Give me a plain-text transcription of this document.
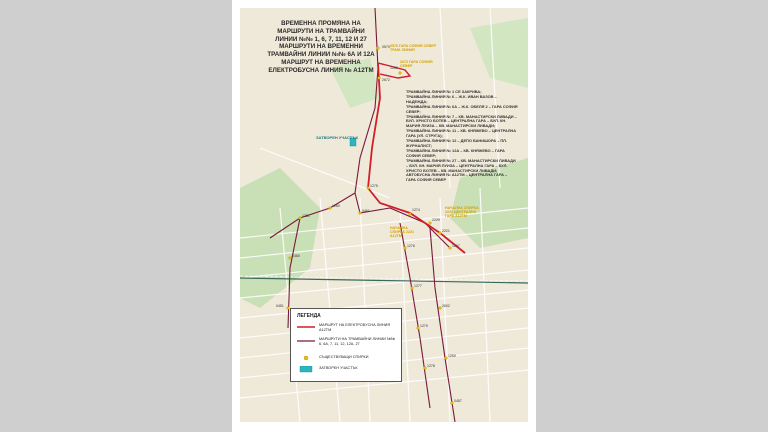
ВРЕМЕННА ПРОМЯНА НА
МАРШРУТИ НА ТРАМВАЙНИ
ЛИНИИ №№ 1, 6, 7, 11, 12 И 27
МАРШРУТИ НА ВРЕМЕННИ
ТРАМВАЙНИ ЛИНИИ №№ 6А И 12А
МАРШРУТ НА ВРЕМЕННА
ЕЛЕКТРОБУСНА ЛИНИЯ № А12ТМ
ТРАМВАЙНА ЛИНИЯ № 1 СЕ ЗАКРИВА;
ТРАМВАЙНА ЛИНИЯ № 6 – Ж.К. ИВАН ВАЗОВ – НАДЕЖДА;
ТРАМВАЙНА ЛИНИЯ № 6А – Ж.К. ОБЕЛЯ 2 – ГАРА СОФИЯ СЕВЕР;
ТРАМВАЙНА ЛИНИЯ № 7 – КВ. МАНАСТИРСКИ ЛИВАДИ – БУЛ. ХРИСТО БОТЕВ – ЦЕНТРАЛНА ГАРА – БУЛ. КН. МАРИЯ ЛУИЗА – КВ. МАНАСТИРСКИ ЛИВАДИ;
ТРАМВАЙНА ЛИНИЯ № 11 – КВ. КНЯЖЕВО – ЦЕНТРАЛНА ГАРА (УЛ. СТРУГА);
ТРАМВАЙНА ЛИНИЯ № 12 – ДЕПО БАНИШОРА – ПЛ. ЖУРНАЛИСТ;
ТРАМВАЙНА ЛИНИЯ № 12А – КВ. КНЯЖЕВО – ГАРА СОФИЯ СЕВЕР;
ТРАМВАЙНА ЛИНИЯ № 27 – КВ. МАНАСТИРСКИ ЛИВАДИ – БУЛ. КН. МАРИЯ ЛУИЗА – ЦЕНТРАЛНА ГАРА – БУЛ. ХРИСТО БОТЕВ – КВ. МАНАСТИРСКИ ЛИВАДИ;
АВТОБУСНА ЛИНИЯ № А12ТМ – ЦЕНТРАЛНА ГАРА – ГАРА СОФИЯ СЕВЕР
0570 ГАРА СОФИЯ СЕВЕР ТРАМ. ЛИНИЯ
2672 ГАРА СОФИЯ СЕВЕР
НАЧАЛНА СПИРКА 2221 ЦЕНТРАЛНА ГАРА А12ТМ
НАЧАЛНА СПИРКА 2221 А12ТМ
ЗАТВОРЕН УЧАСТЪК
0570
2672
1275
1274
2229
2221
1276
1277
1279
1278
2602
1269
0460
0451
1280
1281
0457
0461
1257
1260
ЛЕГЕНДА
МАРШРУТ НА ЕЛЕКТРОБУСНА ЛИНИЯ А12ТМ
МАРШРУТИ НА ТРАМВАЙНИ ЛИНИИ №№ 6, 6А, 7, 11, 12, 12А, 27
СЪЩЕСТВУВАЩИ СПИРКИ
ЗАТВОРЕН УЧАСТЪК
